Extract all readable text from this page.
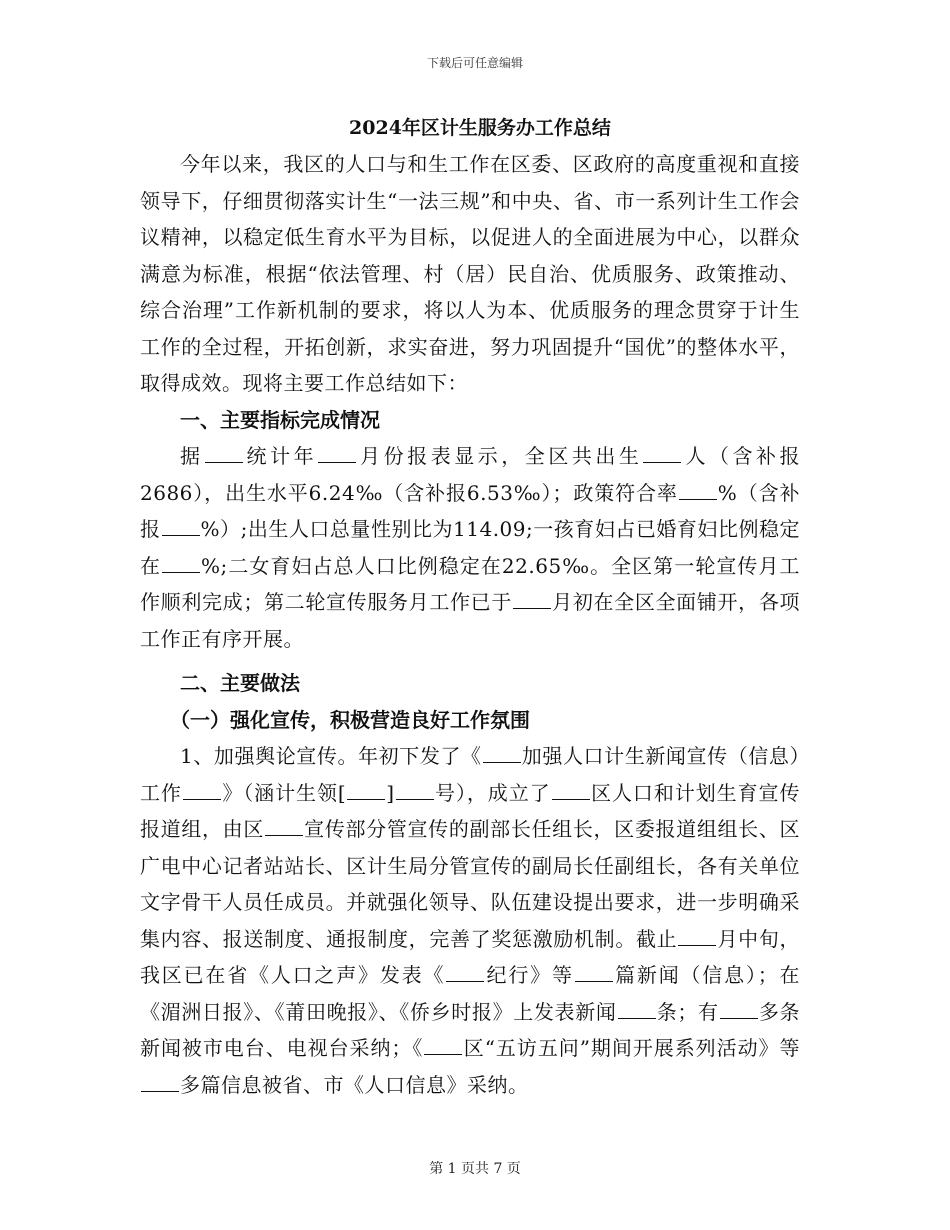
下载后可任意编辑
2024年区计生服务办工作总结

今年以来，我区的人口与和生工作在区委、区政府的高度重视和直接领导下，仔细贯彻落实计生“一法三规”和中央、省、市一系列计生工作会议精神，以稳定低生育水平为目标，以促进人的全面进展为中心，以群众满意为标准，根据“依法管理、村（居）民自治、优质服务、政策推动、综合治理”工作新机制的要求，将以人为本、优质服务的理念贯穿于计生工作的全过程，开拓创新，求实奋进，努力巩固提升“国优”的整体水平，取得成效。现将主要工作总结如下：

一、主要指标完成情况

据 统计年 月份报表显示，全区共出生 人（含补报2686），出生水平6.24‰（含补报6.53‰）；政策符合率 %（含补报 %）;出生人口总量性别比为114.09;一孩育妇占已婚育妇比例稳定在 %;二女育妇占总人口比例稳定在22.65‰。全区第一轮宣传月工作顺利完成；第二轮宣传服务月工作已于 月初在全区全面铺开，各项工作正有序开展。

二、主要做法

（一）强化宣传，积极营造良好工作氛围

1、加强舆论宣传。年初下发了《 加强人口计生新闻宣传（信息）工作 》（涵计生领[ ] 号），成立了 区人口和计划生育宣传报道组，由区 宣传部分管宣传的副部长任组长，区委报道组组长、区广电中心记者站站长、区计生局分管宣传的副局长任副组长，各有关单位文字骨干人员任成员。并就强化领导、队伍建设提出要求，进一步明确采集内容、报送制度、通报制度，完善了奖惩激励机制。截止 月中旬，我区已在省《人口之声》发表《 纪行》等 篇新闻（信息）；在《湄洲日报》、《莆田晚报》、《侨乡时报》上发表新闻 条；有 多条新闻被市电台、电视台采纳；《 区“五访五问”期间开展系列活动》等多篇信息被省、市《人口信息》采纳。

第 1 页共 7 页
